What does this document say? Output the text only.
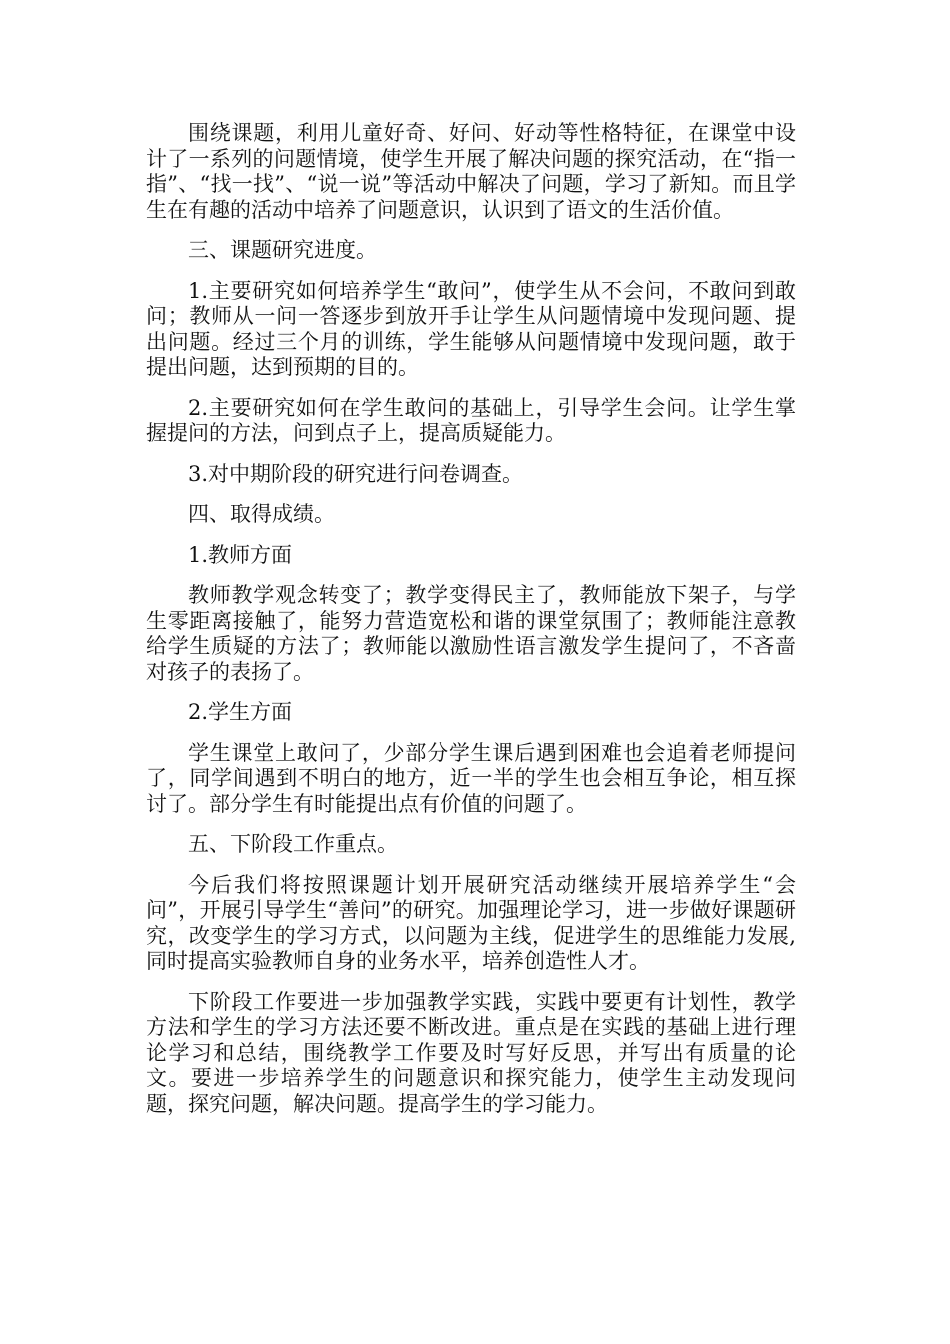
围绕课题，利用儿童好奇、好问、好动等性格特征，在课堂中设计了一系列的问题情境，使学生开展了解决问题的探究活动，在“指一指”、“找一找”、“说一说”等活动中解决了问题，学习了新知。而且学生在有趣的活动中培养了问题意识，认识到了语文的生活价值。

三、课题研究进度。

1.主要研究如何培养学生“敢问”，使学生从不会问，不敢问到敢问；教师从一问一答逐步到放开手让学生从问题情境中发现问题、提出问题。经过三个月的训练，学生能够从问题情境中发现问题，敢于提出问题，达到预期的目的。

2.主要研究如何在学生敢问的基础上，引导学生会问。让学生掌握提问的方法，问到点子上，提高质疑能力。

3.对中期阶段的研究进行问卷调查。

四、取得成绩。

1.教师方面

教师教学观念转变了；教学变得民主了，教师能放下架子，与学生零距离接触了，能努力营造宽松和谐的课堂氛围了；教师能注意教给学生质疑的方法了；教师能以激励性语言激发学生提问了，不吝啬对孩子的表扬了。

2.学生方面

学生课堂上敢问了，少部分学生课后遇到困难也会追着老师提问了，同学间遇到不明白的地方，近一半的学生也会相互争论，相互探讨了。部分学生有时能提出点有价值的问题了。

五、下阶段工作重点。

今后我们将按照课题计划开展研究活动继续开展培养学生“会问”，开展引导学生“善问”的研究。加强理论学习，进一步做好课题研究，改变学生的学习方式，以问题为主线，促进学生的思维能力发展,同时提高实验教师自身的业务水平，培养创造性人才。

下阶段工作要进一步加强教学实践，实践中要更有计划性，教学方法和学生的学习方法还要不断改进。重点是在实践的基础上进行理论学习和总结，围绕教学工作要及时写好反思，并写出有质量的论文。要进一步培养学生的问题意识和探究能力，使学生主动发现问题，探究问题，解决问题。提高学生的学习能力。
